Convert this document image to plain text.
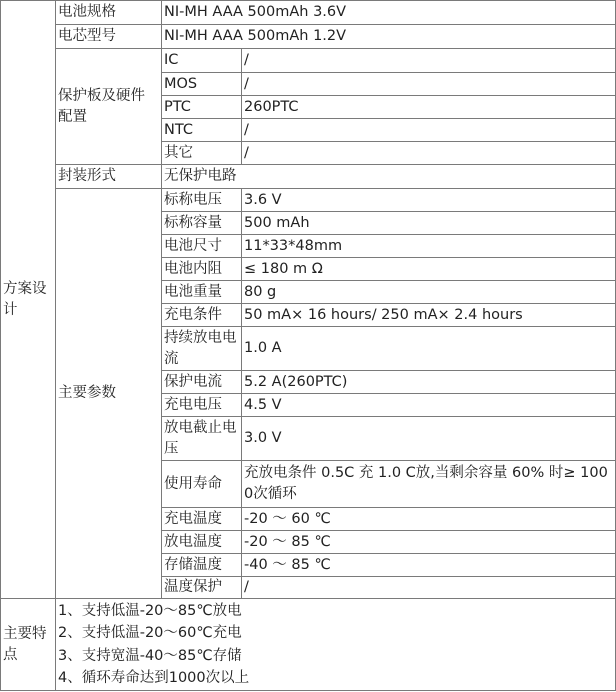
方案设计	电池规格	NI-MH AAA 500mAh 3.6V	
	电芯型号	NI-MH AAA 500mAh 1.2V	
	保护板及硬件配置	IC	/
		MOS	/
		PTC	260PTC
		NTC	/
		其它	/
	封装形式	无保护电路	
	主要参数	标称电压	3.6 V
		标称容量	500 mAh
		电池尺寸	11*33*48mm
		电池内阻	≤ 180 m Ω
		电池重量	80 g
		充电条件	50 mA× 16 hours/ 250 mA× 2.4 hours
		持续放电电流	1.0 A
		保护电流	5.2 A(260PTC)
		充电电压	4.5 V
		放电截止电压	3.0 V
		使用寿命	充放电条件 0.5C 充 1.0 C放,当剩余容量 60% 时≥ 1000次循环
		充电温度	-20 ～ 60 ℃
		放电温度	-20 ～ 85 ℃
		存储温度	-40 ～ 85 ℃
		温度保护	/
主要特点	1、支持低温-20～85℃放电
2、支持低温-20～60℃充电
3、支持宽温-40～85℃存储
4、循环寿命达到1000次以上		
